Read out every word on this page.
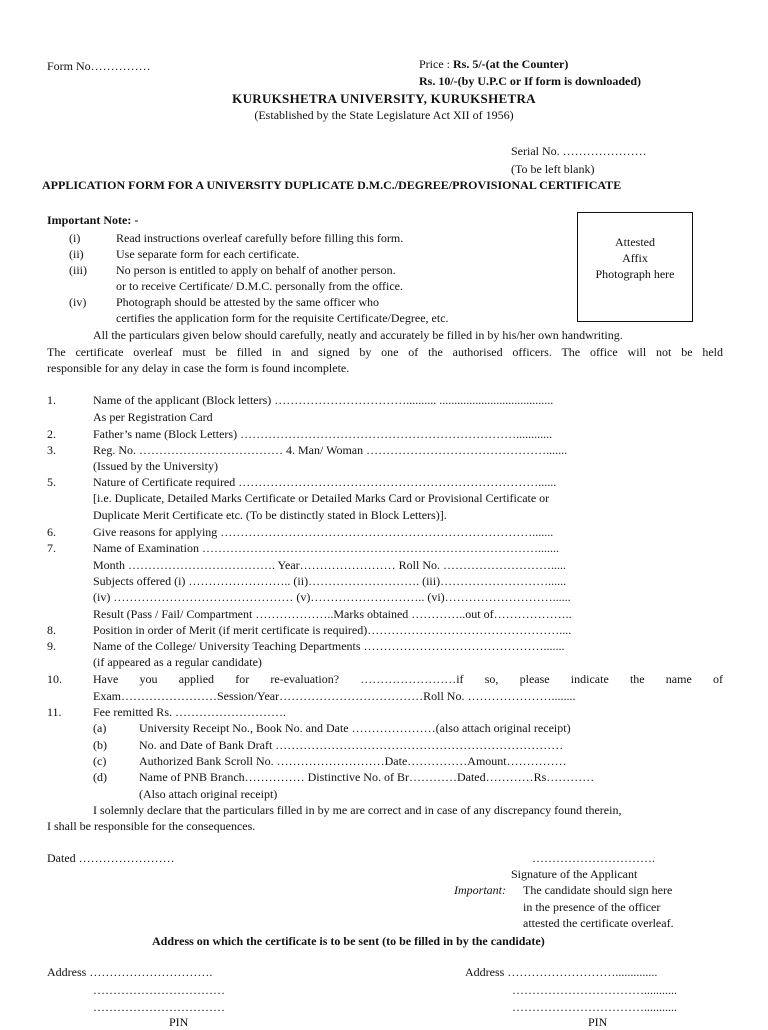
Form No……………	Price : Rs. 5/-(at the Counter)
Rs. 10/-(by U.P.C or If form is downloaded)
KURUKSHETRA UNIVERSITY, KURUKSHETRA
(Established by the State Legislature Act XII of 1956)
Serial No. …………………
(To be left blank)
APPLICATION FORM FOR A UNIVERSITY DUPLICATE D.M.C./DEGREE/PROVISIONAL CERTIFICATE
Attested
Affix
Photograph here
Important Note: -
(i)	Read instructions overleaf carefully before filling this form.
(ii)	Use separate form for each certificate.
(iii) No person is entitled to apply on behalf of another person.
or to receive Certificate/ D.M.C. personally from the office.
(iv) Photograph should be attested by the same officer who
certifies the application form for the requisite Certificate/Degree, etc.
All the particulars given below should carefully, neatly and accurately be filled in by his/her own handwriting.
The certificate overleaf must be filled in and signed by one of the authorised officers. The office will not be held
responsible for any delay in case the form is found incomplete.
1.	Name of the applicant (Block letters) …………………………….......... ......................................
As per Registration Card
2.	Father’s name (Block Letters) ……………………………………………………………............
3.	Reg. No. ……………………………… 4. Man/ Woman ……………………………………….......
(Issued by the University)
5.	Nature of Certificate required …………………………………………………………………......
[i.e. Duplicate, Detailed Marks Certificate or Detailed Marks Card or Provisional Certificate or
Duplicate Merit Certificate etc. (To be distinctly stated in Block Letters)].
6.	Give reasons for applying …………………………………………………………………….......
7.	Name of Examination ………………………………………………………………………….......
Month ………………………………. Year…………………… Roll No. ……………………….....
Subjects offered (i) …………………….. (ii)………………………. (iii)………………………......
(iv) ……………………………………… (v)……………………….. (vi)………………………......
Result (Pass / Fail/ Compartment ………………..Marks obtained …………..out of………………..
8.	Position in order of Merit (if merit certificate is required)…………………………………………....
9.	Name of the College/ University Teaching Departments ……………………………………….......
(if appeared as a regular candidate)
10.	Have you applied for re-evaluation? ……………………if so, please indicate the name of
Exam……………………Session/Year………………………………Roll No. …………………........
11.	Fee remitted Rs. ……………………….
(a)	University Receipt No., Book No. and Date …………………(also attach original receipt)
(b)	No. and Date of Bank Draft ………………………………………………………………
(c)	Authorized Bank Scroll No. ………………………Date……………Amount……………
(d)	Name of PNB Branch…………… Distinctive No. of Br…………Dated…………Rs…………
(Also attach original receipt)
I solemnly declare that the particulars filled in by me are correct and in case of any discrepancy found therein,
I shall be responsible for the consequences.
Dated ……………………	………………………….
Signature of the Applicant
Important: The candidate should sign here
in the presence of the officer
attested the certificate overleaf.
Address on which the certificate is to be sent (to be filled in by the candidate)
Address ………………………….
……………………………
……………………………
PIN
Address ………………………..............
……………………………...........
……………………………...........
PIN
